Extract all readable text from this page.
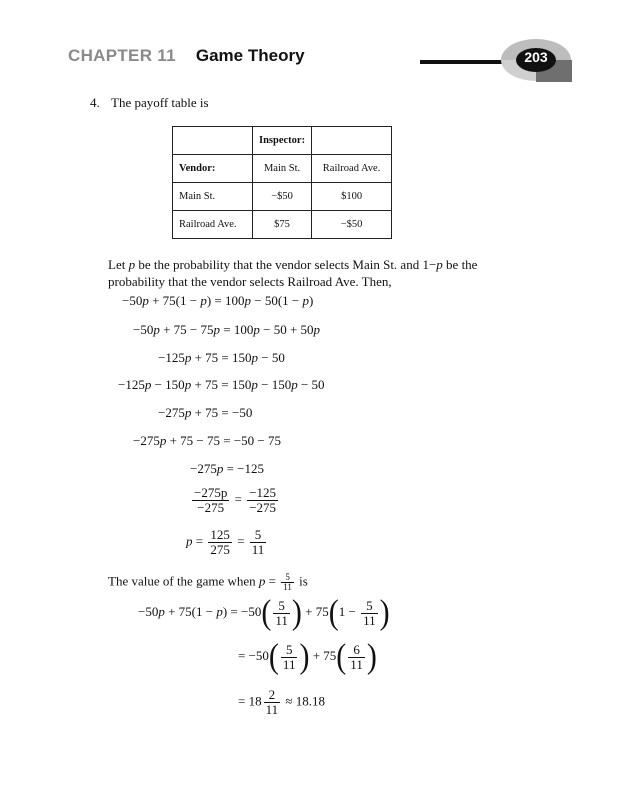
CHAPTER 11 Game Theory	203
4. The payoff table is
	Inspector:	
Vendor:	Main St.	Railroad Ave.
Main St.	−$50	$100
Railroad Ave.	$75	−$50
Let p be the probability that the vendor selects Main St. and 1−p be the probability that the vendor selects Railroad Ave. Then,
−50p + 75(1 − p) = 100p − 50(1 − p)
−50p + 75 − 75p = 100p − 50 + 50p
−125p + 75 = 150p − 50
−125p − 150p + 75 = 150p − 150p − 50
−275p + 75 = −50
−275p + 75 − 75 = −50 − 75
−275p = −125
$\frac{-275p}{-275} = \frac{-125}{-275}$
$p = \frac{125}{275} = \frac{5}{11}$
The value of the game when $p = \frac{5}{11}$ is
$-50p + 75(1 - p) = -50( \frac{5}{11}$ ) + $75(1 - \frac{5}{11}$ )
= $-50( \frac{5}{11}$ ) + $75( \frac{6}{11}$ )
= $18 \frac{2}{11} \approx 18.18$
